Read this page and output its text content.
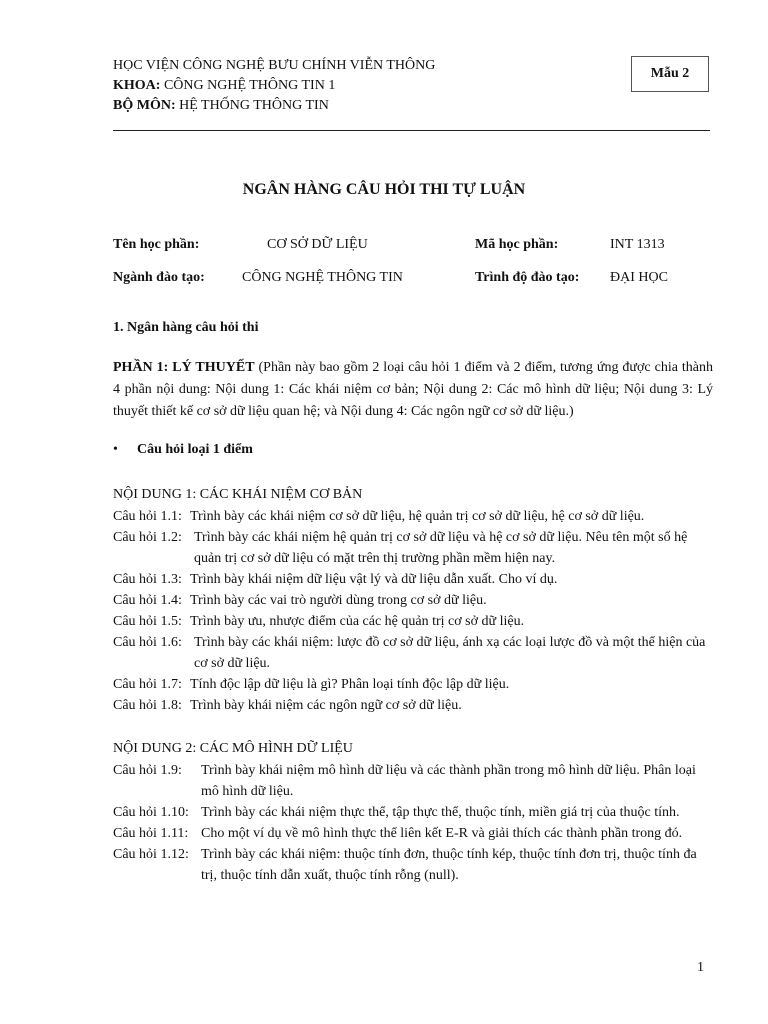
HỌC VIỆN CÔNG NGHỆ BƯU CHÍNH VIỄN THÔNG
KHOA: CÔNG NGHỆ THÔNG TIN 1
BỘ MÔN: HỆ THỐNG THÔNG TIN
Mẫu 2
NGÂN HÀNG CÂU HỎI THI TỰ LUẬN
Tên học phần:	CƠ SỞ DỮ LIỆU	Mã học phần:	INT 1313
Ngành đào tạo:	CÔNG NGHỆ THÔNG TIN	Trình độ đào tạo: ĐẠI HỌC
1. Ngân hàng câu hỏi thi
PHẦN 1: LÝ THUYẾT (Phần này bao gồm 2 loại câu hỏi 1 điểm và 2 điểm, tương ứng được chia thành 4 phần nội dung: Nội dung 1: Các khái niệm cơ bản; Nội dung 2: Các mô hình dữ liệu; Nội dung 3: Lý thuyết thiết kế cơ sở dữ liệu quan hệ; và Nội dung 4: Các ngôn ngữ cơ sở dữ liệu.)
• Câu hỏi loại 1 điểm
NỘI DUNG 1: CÁC KHÁI NIỆM CƠ BẢN
Câu hỏi 1.1: Trình bày các khái niệm cơ sở dữ liệu, hệ quản trị cơ sở dữ liệu, hệ cơ sở dữ liệu.
Câu hỏi 1.2: Trình bày các khái niệm hệ quản trị cơ sở dữ liệu và hệ cơ sở dữ liệu. Nêu tên một số hệ quản trị cơ sở dữ liệu có mặt trên thị trường phần mềm hiện nay.
Câu hỏi 1.3: Trình bày khái niệm dữ liệu vật lý và dữ liệu dẫn xuất. Cho ví dụ.
Câu hỏi 1.4: Trình bày các vai trò người dùng trong cơ sở dữ liệu.
Câu hỏi 1.5: Trình bày ưu, nhược điểm của các hệ quản trị cơ sở dữ liệu.
Câu hỏi 1.6: Trình bày các khái niệm: lược đồ cơ sở dữ liệu, ánh xạ các loại lược đồ và một thể hiện của cơ sở dữ liệu.
Câu hỏi 1.7: Tính độc lập dữ liệu là gì? Phân loại tính độc lập dữ liệu.
Câu hỏi 1.8: Trình bày khái niệm các ngôn ngữ cơ sở dữ liệu.
NỘI DUNG 2: CÁC MÔ HÌNH DỮ LIỆU
Câu hỏi 1.9: Trình bày khái niệm mô hình dữ liệu và các thành phần trong mô hình dữ liệu. Phân loại mô hình dữ liệu.
Câu hỏi 1.10: Trình bày các khái niệm thực thể, tập thực thể, thuộc tính, miền giá trị của thuộc tính.
Câu hỏi 1.11: Cho một ví dụ về mô hình thực thể liên kết E-R và giải thích các thành phần trong đó.
Câu hỏi 1.12: Trình bày các khái niệm: thuộc tính đơn, thuộc tính kép, thuộc tính đơn trị, thuộc tính đa trị, thuộc tính dẫn xuất, thuộc tính rỗng (null).
1
